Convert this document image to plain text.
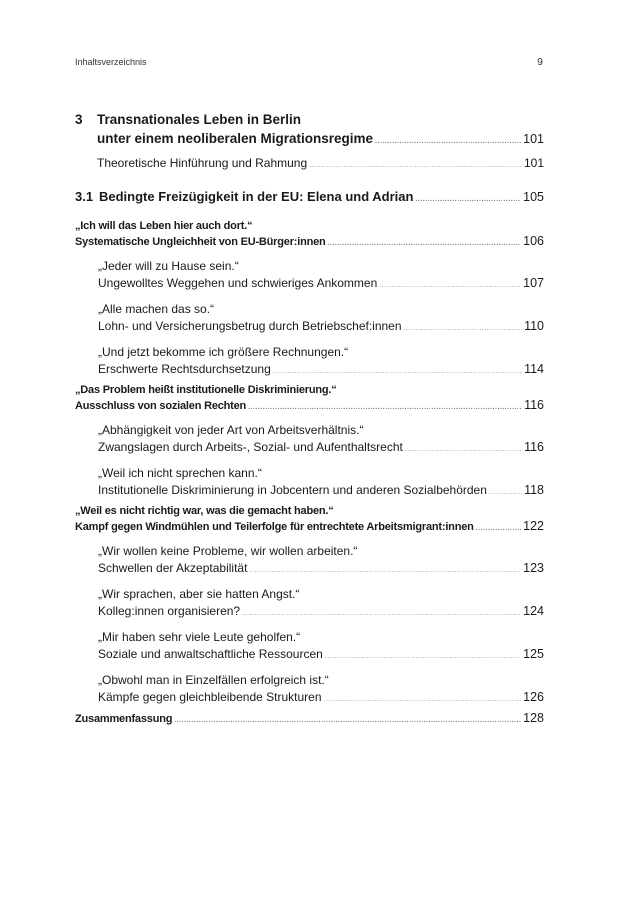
Inhaltsverzeichnis	9
3	Transnationales Leben in Berlin
unter einem neoliberalen Migrationsregime .....	101
Theoretische Hinführung und Rahmung .....	101
3.1 Bedingte Freizügigkeit in der EU: Elena und Adrian .....	105
„Ich will das Leben hier auch dort.“
Systematische Ungleichheit von EU-Bürger:innen .....	106
„Jeder will zu Hause sein.“
Ungewolltes Weggehen und schwieriges Ankommen .....	107
„Alle machen das so.“
Lohn- und Versicherungsbetrug durch Betriebschef:innen .....	110
„Und jetzt bekomme ich größere Rechnungen.“
Erschwerte Rechtsdurchsetzung .....	114
„Das Problem heißt institutionelle Diskriminierung.“
Ausschluss von sozialen Rechten .....	116
„Abhängigkeit von jeder Art von Arbeitsverhältnis.“
Zwangslagen durch Arbeits-, Sozial- und Aufenthaltsrecht .....	116
„Weil ich nicht sprechen kann.“
Institutionelle Diskriminierung in Jobcentern und anderen Sozialbehörden .....	118
„Weil es nicht richtig war, was die gemacht haben.“
Kampf gegen Windmühlen und Teilerfolge für entrechtete Arbeitsmigrant:innen .....	122
„Wir wollen keine Probleme, wir wollen arbeiten.“
Schwellen der Akzeptabilität .....	123
„Wir sprachen, aber sie hatten Angst.“
Kolleg:innen organisieren? .....	124
„Mir haben sehr viele Leute geholfen.“
Soziale und anwaltschaftliche Ressourcen .....	125
„Obwohl man in Einzelfällen erfolgreich ist.“
Kämpfe gegen gleichbleibende Strukturen .....	126
Zusammenfassung .....	128
